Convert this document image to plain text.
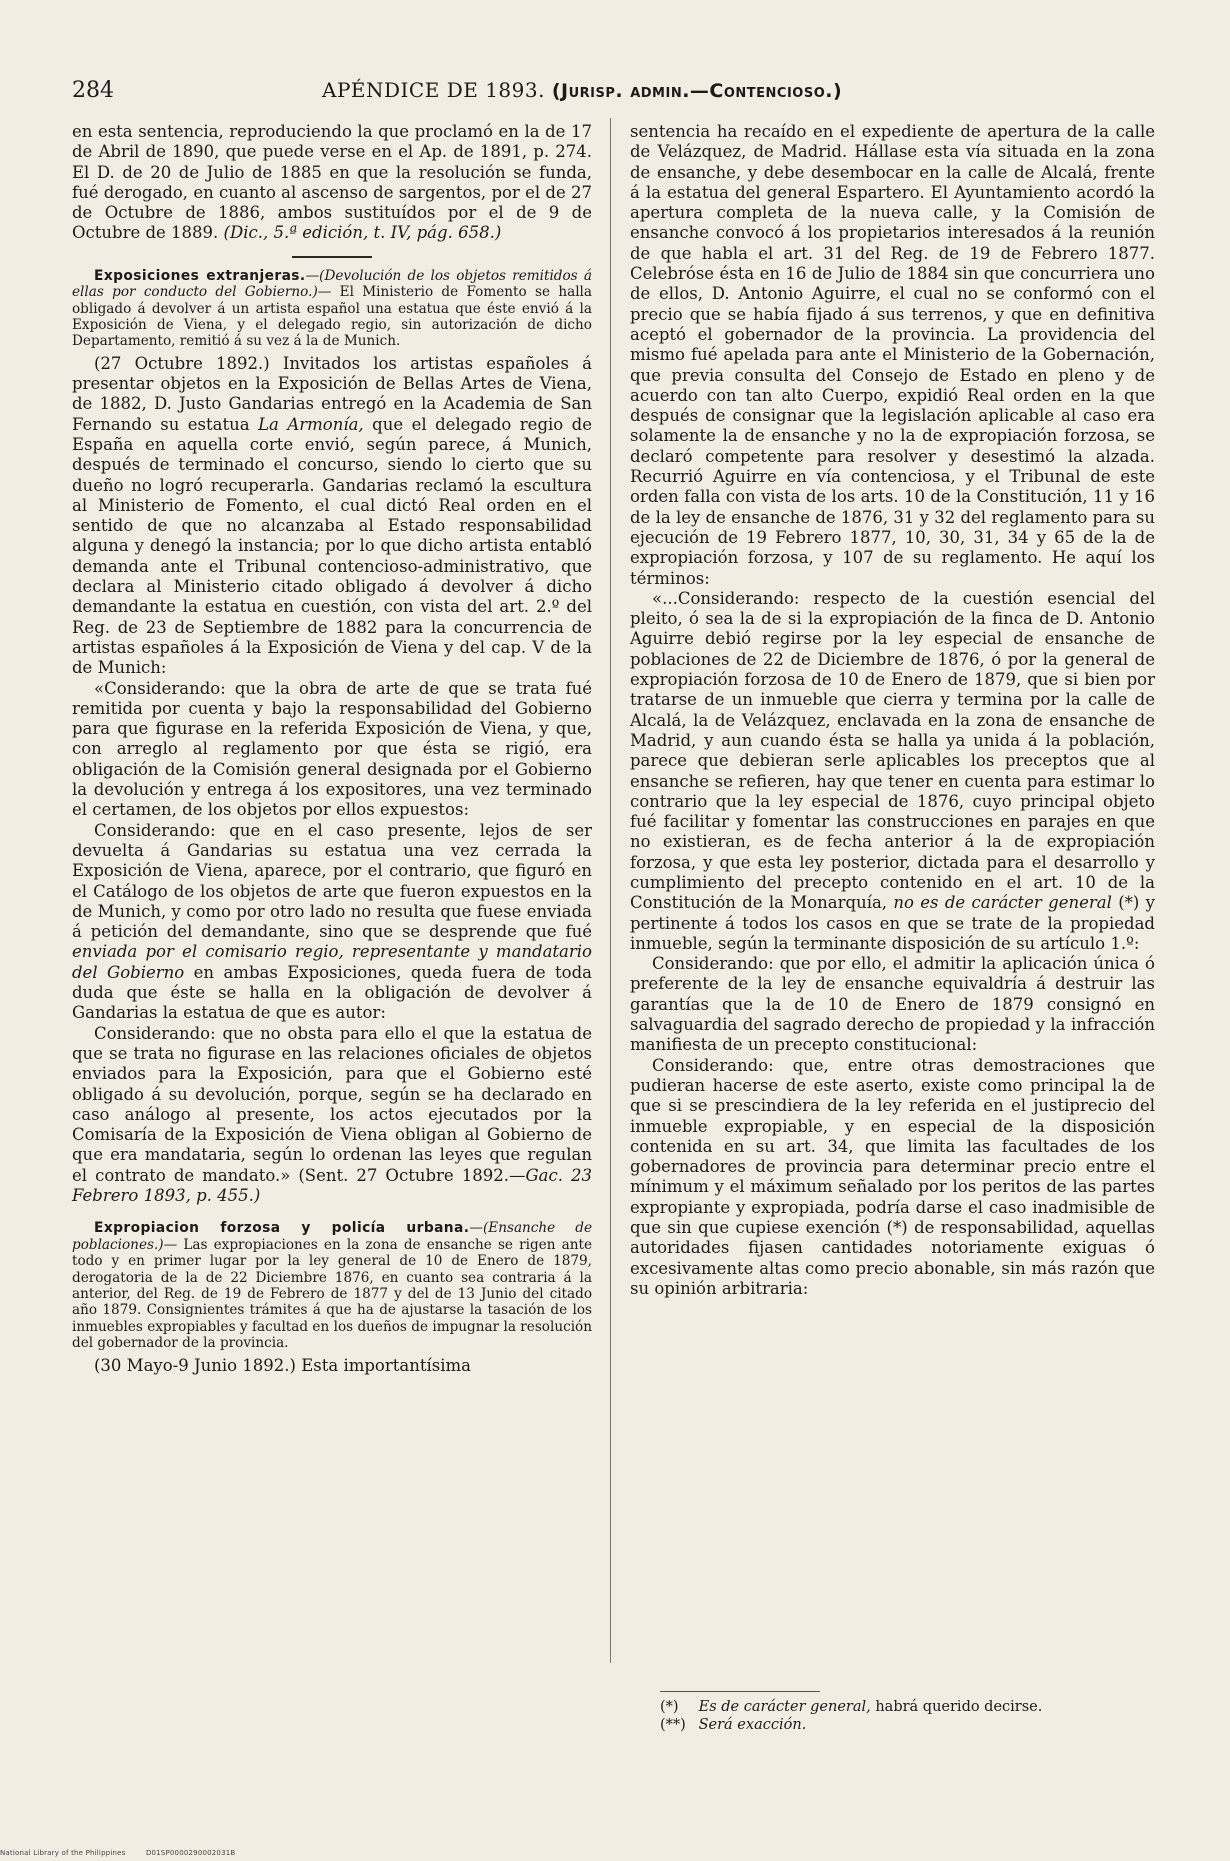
284	APÉNDICE DE 1893. (Jurisp. admin.—Contencioso.)

en esta sentencia, reproduciendo la que proclamó en la de 17 de Abril de 1890, que puede verse en el Ap. de 1891, p. 274. El D. de 20 de Julio de 1885 en que la resolución se funda, fué derogado, en cuanto al ascenso de sargentos, por el de 27 de Octubre de 1886, ambos sustituídos por el de 9 de Octubre de 1889. (Dic., 5.ª edición, t. IV, pág. 658.)

Exposiciones extranjeras.—(Devolución de los objetos remitidos á ellas por conducto del Gobierno.)— El Ministerio de Fomento se halla obligado á devolver á un artista español una estatua que éste envió á la Exposición de Viena, y el delegado regio, sin autorización de dicho Departamento, remitió á su vez á la de Munich.

(27 Octubre 1892.) Invitados los artistas españoles á presentar objetos en la Exposición de Bellas Artes de Viena, de 1882, D. Justo Gandarias entregó en la Academia de San Fernando su estatua La Armonía, que el delegado regio de España en aquella corte envió, según parece, á Munich, después de terminado el concurso, siendo lo cierto que su dueño no logró recuperarla. Gandarias reclamó la escultura al Ministerio de Fomento, el cual dictó Real orden en el sentido de que no alcanzaba al Estado responsabilidad alguna y denegó la instancia; por lo que dicho artista entabló demanda ante el Tribunal contencioso-administrativo, que declara al Ministerio citado obligado á devolver á dicho demandante la estatua en cuestión, con vista del art. 2.º del Reg. de 23 de Septiembre de 1882 para la concurrencia de artistas españoles á la Exposición de Viena y del cap. V de la de Munich:

«Considerando: que la obra de arte de que se trata fué remitida por cuenta y bajo la responsabilidad del Gobierno para que figurase en la referida Exposición de Viena, y que, con arreglo al reglamento por que ésta se rigió, era obligación de la Comisión general designada por el Gobierno la devolución y entrega á los expositores, una vez terminado el certamen, de los objetos por ellos expuestos:

Considerando: que en el caso presente, lejos de ser devuelta á Gandarias su estatua una vez cerrada la Exposición de Viena, aparece, por el contrario, que figuró en el Catálogo de los objetos de arte que fueron expuestos en la de Munich, y como por otro lado no resulta que fuese enviada á petición del demandante, sino que se desprende que fué enviada por el comisario regio, representante y mandatario del Gobierno en ambas Exposiciones, queda fuera de toda duda que éste se halla en la obligación de devolver á Gandarias la estatua de que es autor:

Considerando: que no obsta para ello el que la estatua de que se trata no figurase en las relaciones oficiales de objetos enviados para la Exposición, para que el Gobierno esté obligado á su devolución, porque, según se ha declarado en caso análogo al presente, los actos ejecutados por la Comisaría de la Exposición de Viena obligan al Gobierno de que era mandataria, según lo ordenan las leyes que regulan el contrato de mandato.» (Sent. 27 Octubre 1892.—Gac. 23 Febrero 1893, p. 455.)

Expropiacion forzosa y policía urbana.—(Ensanche de poblaciones.)— Las expropiaciones en la zona de ensanche se rigen ante todo y en primer lugar por la ley general de 10 de Enero de 1879, derogatoria de la de 22 Diciembre 1876, en cuanto sea contraria á la anterior, del Reg. de 19 de Febrero de 1877 y del de 13 Junio del citado año 1879. Consignientes trámites á que ha de ajustarse la tasación de los inmuebles expropiables y facultad en los dueños de impugnar la resolución del gobernador de la provincia.

(30 Mayo-9 Junio 1892.) Esta importantísima

sentencia ha recaído en el expediente de apertura de la calle de Velázquez, de Madrid. Hállase esta vía situada en la zona de ensanche, y debe desembocar en la calle de Alcalá, frente á la estatua del general Espartero. El Ayuntamiento acordó la apertura completa de la nueva calle, y la Comisión de ensanche convocó á los propietarios interesados á la reunión de que habla el art. 31 del Reg. de 19 de Febrero 1877. Celebróse ésta en 16 de Julio de 1884 sin que concurriera uno de ellos, D. Antonio Aguirre, el cual no se conformó con el precio que se había fijado á sus terrenos, y que en definitiva aceptó el gobernador de la provincia. La providencia del mismo fué apelada para ante el Ministerio de la Gobernación, que previa consulta del Consejo de Estado en pleno y de acuerdo con tan alto Cuerpo, expidió Real orden en la que después de consignar que la legislación aplicable al caso era solamente la de ensanche y no la de expropiación forzosa, se declaró competente para resolver y desestimó la alzada. Recurrió Aguirre en vía contenciosa, y el Tribunal de este orden falla con vista de los arts. 10 de la Constitución, 11 y 16 de la ley de ensanche de 1876, 31 y 32 del reglamento para su ejecución de 19 Febrero 1877, 10, 30, 31, 34 y 65 de la de expropiación forzosa, y 107 de su reglamento. He aquí los términos:

«...Considerando: respecto de la cuestión esencial del pleito, ó sea la de si la expropiación de la finca de D. Antonio Aguirre debió regirse por la ley especial de ensanche de poblaciones de 22 de Diciembre de 1876, ó por la general de expropiación forzosa de 10 de Enero de 1879, que si bien por tratarse de un inmueble que cierra y termina por la calle de Alcalá, la de Velázquez, enclavada en la zona de ensanche de Madrid, y aun cuando ésta se halla ya unida á la población, parece que debieran serle aplicables los preceptos que al ensanche se refieren, hay que tener en cuenta para estimar lo contrario que la ley especial de 1876, cuyo principal objeto fué facilitar y fomentar las construcciones en parajes en que no existieran, es de fecha anterior á la de expropiación forzosa, y que esta ley posterior, dictada para el desarrollo y cumplimiento del precepto contenido en el art. 10 de la Constitución de la Monarquía, no es de carácter general (*) y pertinente á todos los casos en que se trate de la propiedad inmueble, según la terminante disposición de su artículo 1.º:

Considerando: que por ello, el admitir la aplicación única ó preferente de la ley de ensanche equivaldría á destruir las garantías que la de 10 de Enero de 1879 consignó en salvaguardia del sagrado derecho de propiedad y la infracción manifiesta de un precepto constitucional:

Considerando: que, entre otras demostraciones que pudieran hacerse de este aserto, existe como principal la de que si se prescindiera de la ley referida en el justiprecio del inmueble expropiable, y en especial de la disposición contenida en su art. 34, que limita las facultades de los gobernadores de provincia para determinar precio entre el mínimum y el máximum señalado por los peritos de las partes expropiante y expropiada, podría darse el caso inadmisible de que sin que cupiese exención (*) de responsabilidad, aquellas autoridades fijasen cantidades notoriamente exiguas ó excesivamente altas como precio abonable, sin más razón que su opinión arbitraria:

(*) Es de carácter general, habrá querido decirse.

(**) Será exacción.

National Library of the Philippines	D01SP0000290002031B
